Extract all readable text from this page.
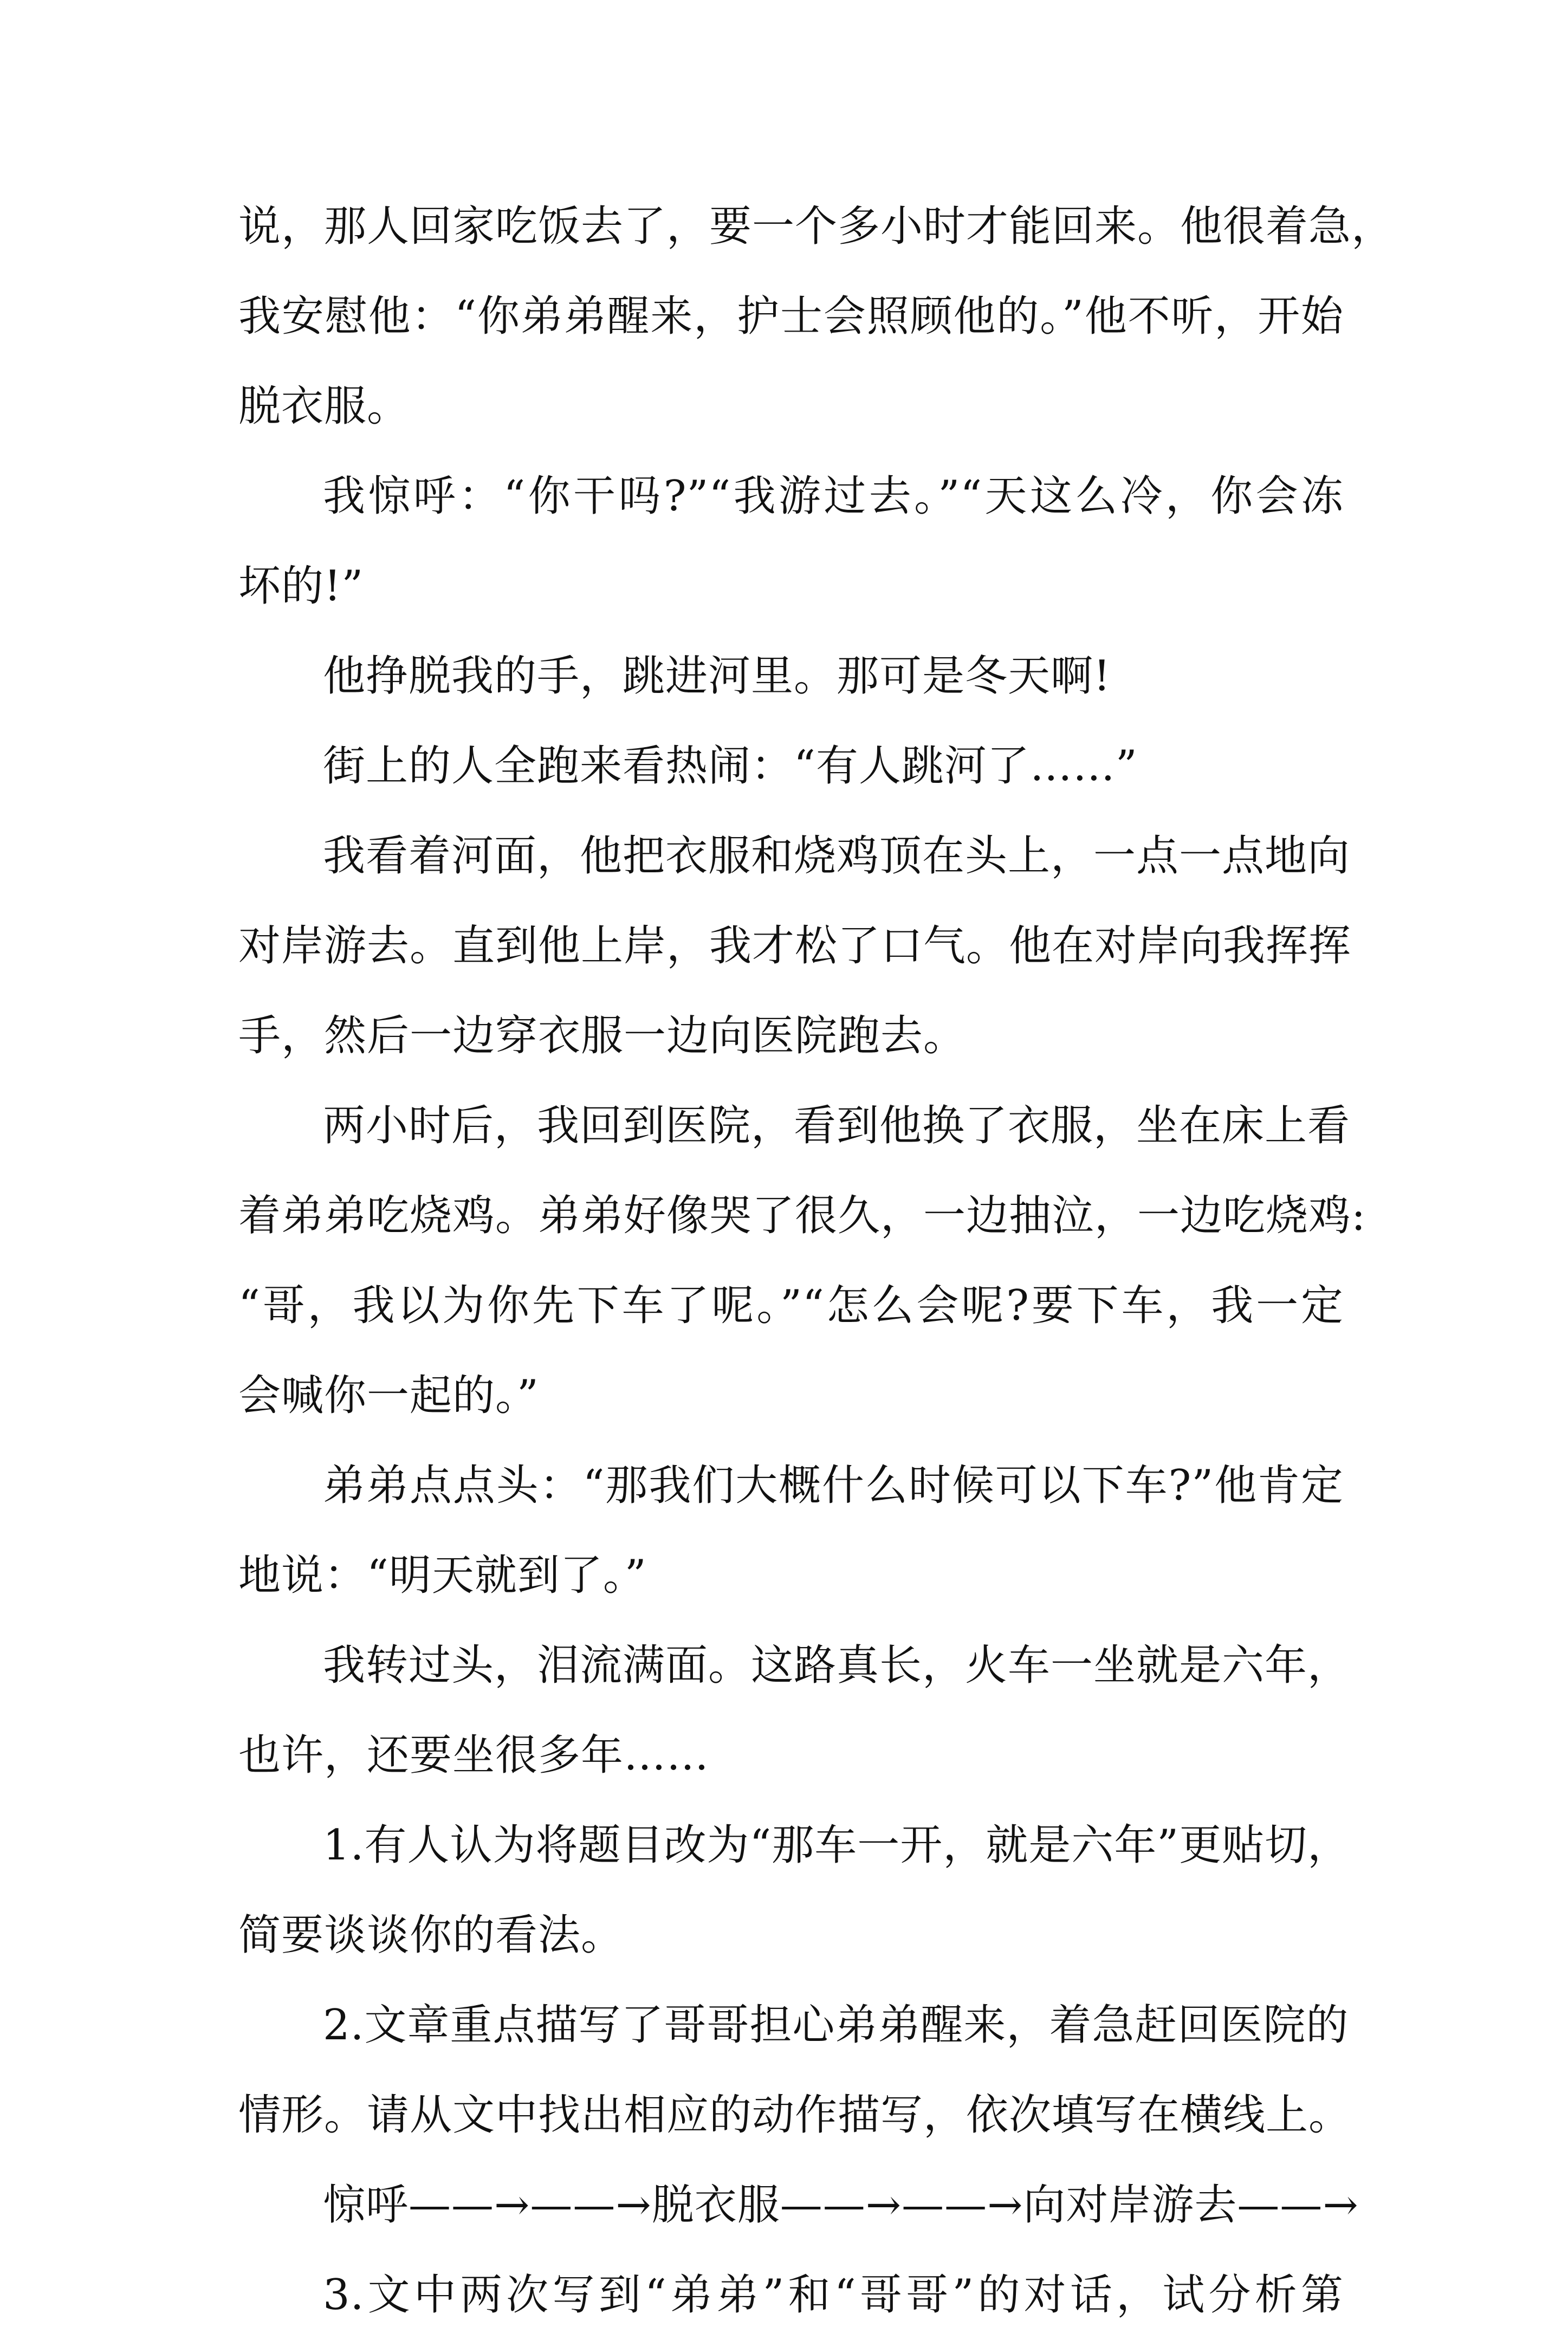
说，那人回家吃饭去了，要一个多小时才能回来。他很着急，
我安慰他：“你弟弟醒来，护士会照顾他的。”他不听，开始
脱衣服。
我惊呼：“你干吗?”“我游过去。”“天这么冷，你会冻
坏的!”
他挣脱我的手，跳进河里。那可是冬天啊!
街上的人全跑来看热闹：“有人跳河了……”
我看着河面，他把衣服和烧鸡顶在头上，一点一点地向
对岸游去。直到他上岸，我才松了口气。他在对岸向我挥挥
手，然后一边穿衣服一边向医院跑去。
两小时后，我回到医院，看到他换了衣服，坐在床上看
着弟弟吃烧鸡。弟弟好像哭了很久，一边抽泣，一边吃烧鸡:
“哥，我以为你先下车了呢。”“怎么会呢?要下车，我一定
会喊你一起的。”
弟弟点点头：“那我们大概什么时候可以下车?”他肯定
地说：“明天就到了。”
我转过头，泪流满面。这路真长，火车一坐就是六年，
也许，还要坐很多年……
1.有人认为将题目改为“那车一开，就是六年”更贴切，
简要谈谈你的看法。
2.文章重点描写了哥哥担心弟弟醒来，着急赶回医院的
情形。请从文中找出相应的动作描写，依次填写在横线上。
惊呼——→——→脱衣服——→——→向对岸游去——→
3.文中两次写到“弟弟”和“哥哥”的对话，试分析第
